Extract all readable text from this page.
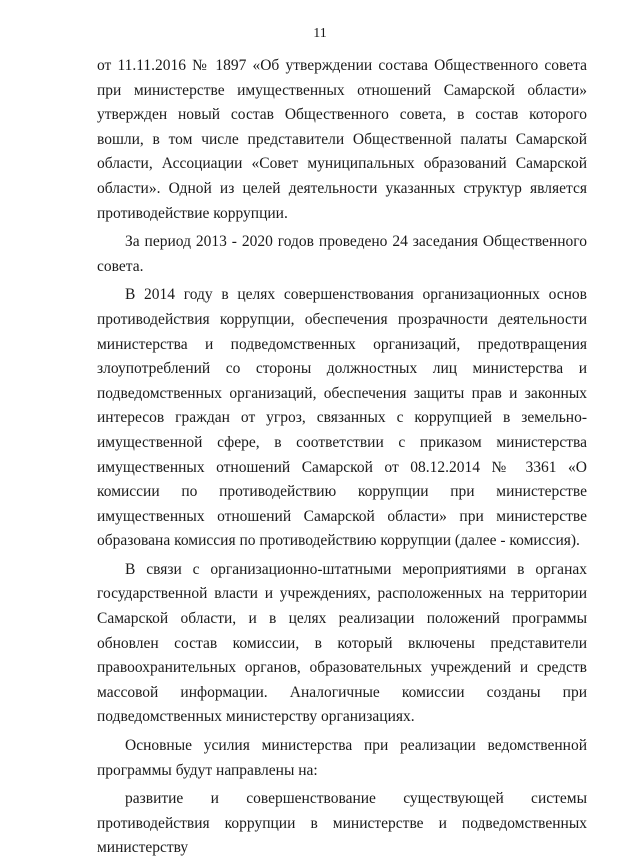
11

от 11.11.2016 № 1897 «Об утверждении состава Общественного совета при министерстве имущественных отношений Самарской области» утвержден новый состав Общественного совета, в состав которого вошли, в том числе представители Общественной палаты Самарской области, Ассоциации «Совет муниципальных образований Самарской области». Одной из целей деятельности указанных структур является противодействие коррупции.

За период 2013 - 2020 годов проведено 24 заседания Общественного совета.

В 2014 году в целях совершенствования организационных основ противодействия коррупции, обеспечения прозрачности деятельности министерства и подведомственных организаций, предотвращения злоупотреблений со стороны должностных лиц министерства и подведомственных организаций, обеспечения защиты прав и законных интересов граждан от угроз, связанных с коррупцией в земельно-имущественной сфере, в соответствии с приказом министерства имущественных отношений Самарской от 08.12.2014 № 3361 «О комиссии по противодействию коррупции при министерстве имущественных отношений Самарской области» при министерстве образована комиссия по противодействию коррупции (далее - комиссия).

В связи с организационно-штатными мероприятиями в органах государственной власти и учреждениях, расположенных на территории Самарской области, и в целях реализации положений программы обновлен состав комиссии, в который включены представители правоохранительных органов, образовательных учреждений и средств массовой информации. Аналогичные комиссии созданы при подведомственных министерству организациях.

Основные усилия министерства при реализации ведомственной программы будут направлены на:

развитие и совершенствование существующей системы противодействия коррупции в министерстве и подведомственных министерству
